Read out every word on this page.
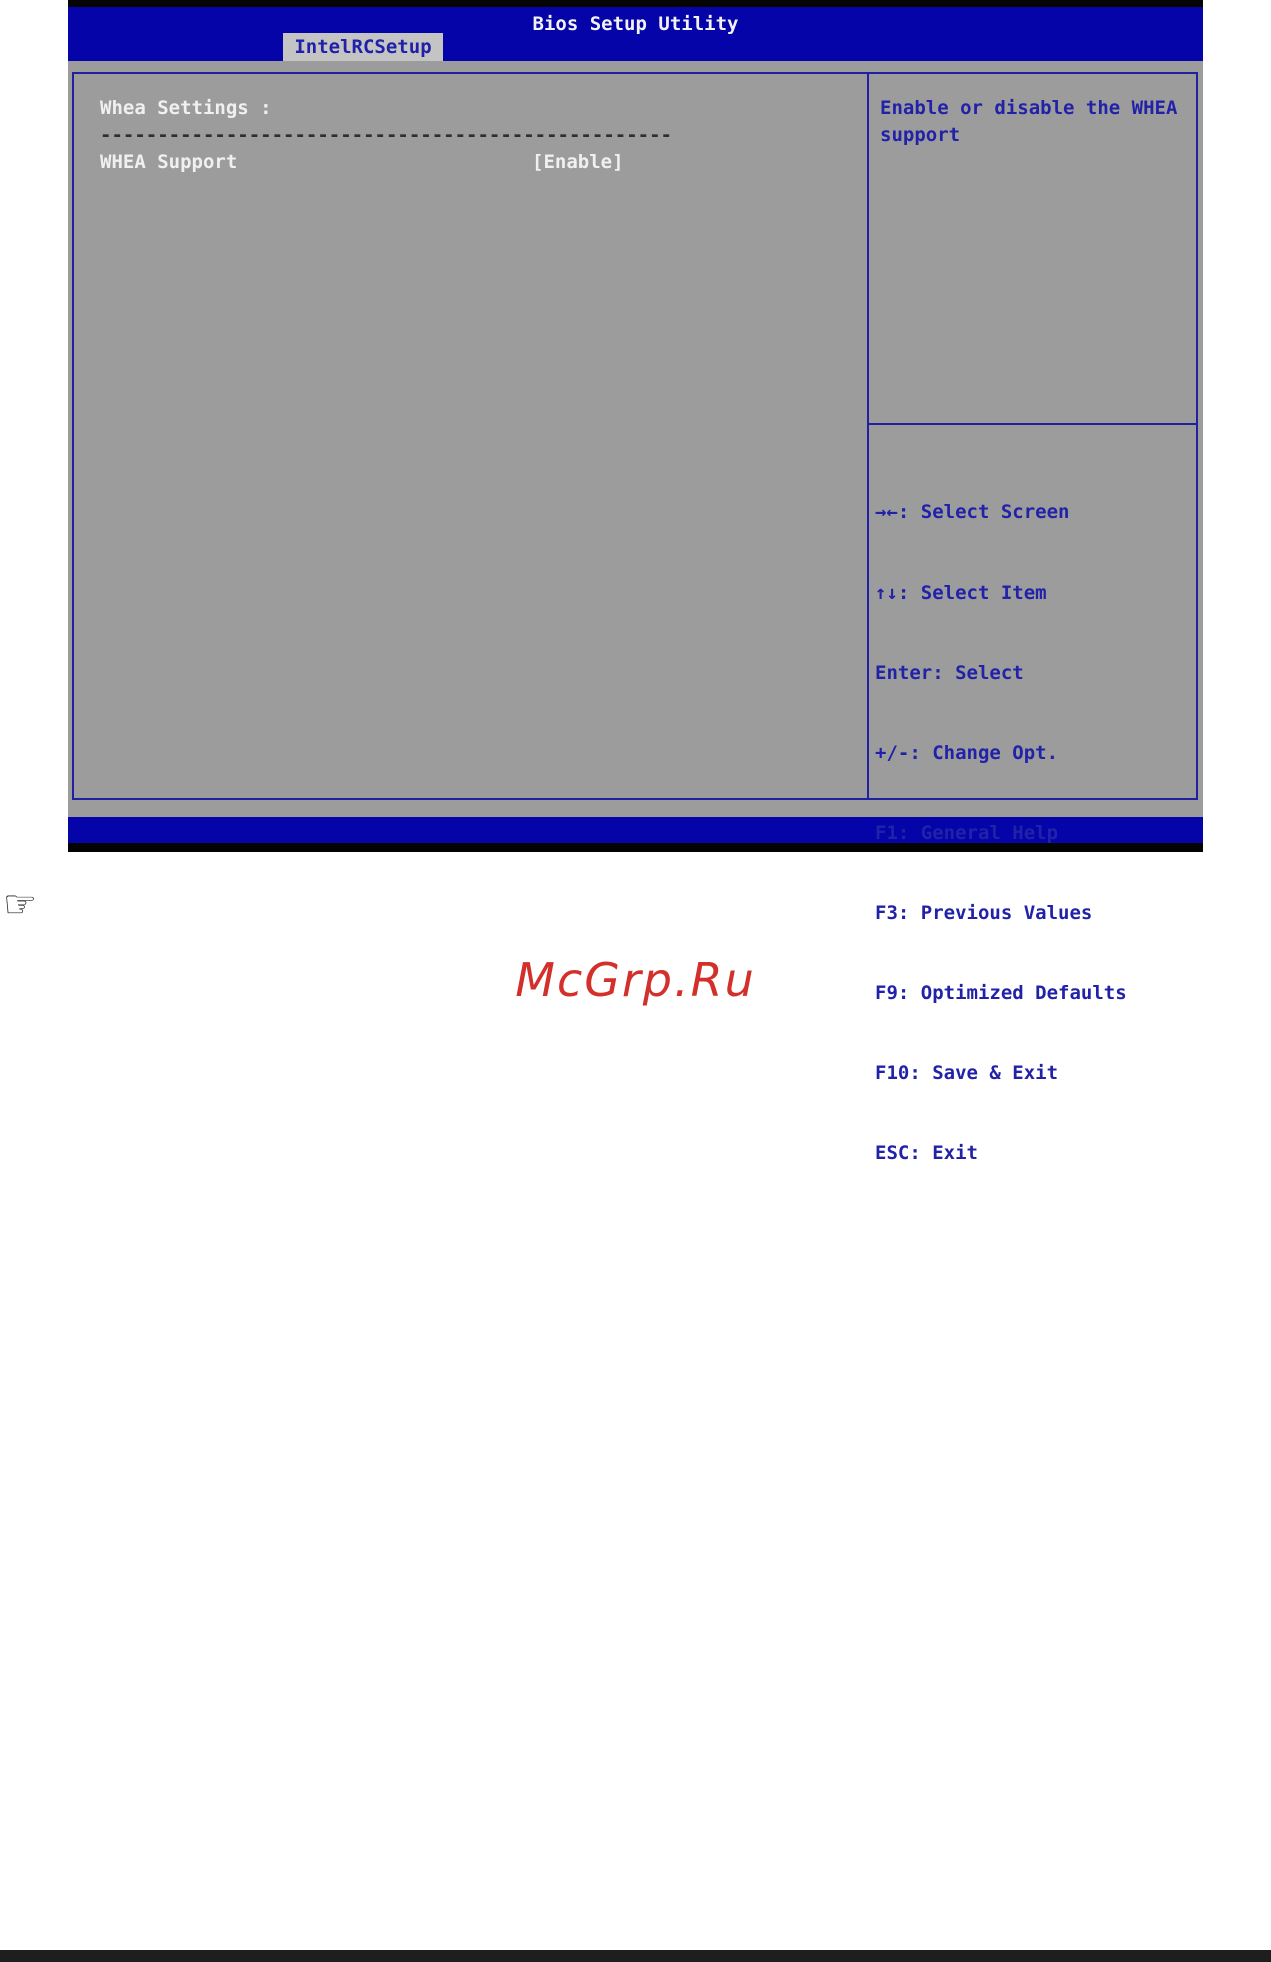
Bios Setup Utility
IntelRCSetup
Whea Settings :
--------------------------------------------------
WHEA Support	[Enable]
Enable or disable the WHEA support

→←: Select Screen

↑↓: Select Item

Enter: Select

+/-: Change Opt.

F1: General Help

F3: Previous Values

F9: Optimized Defaults

F10: Save & Exit

ESC: Exit

☞
McGrp.Ru
